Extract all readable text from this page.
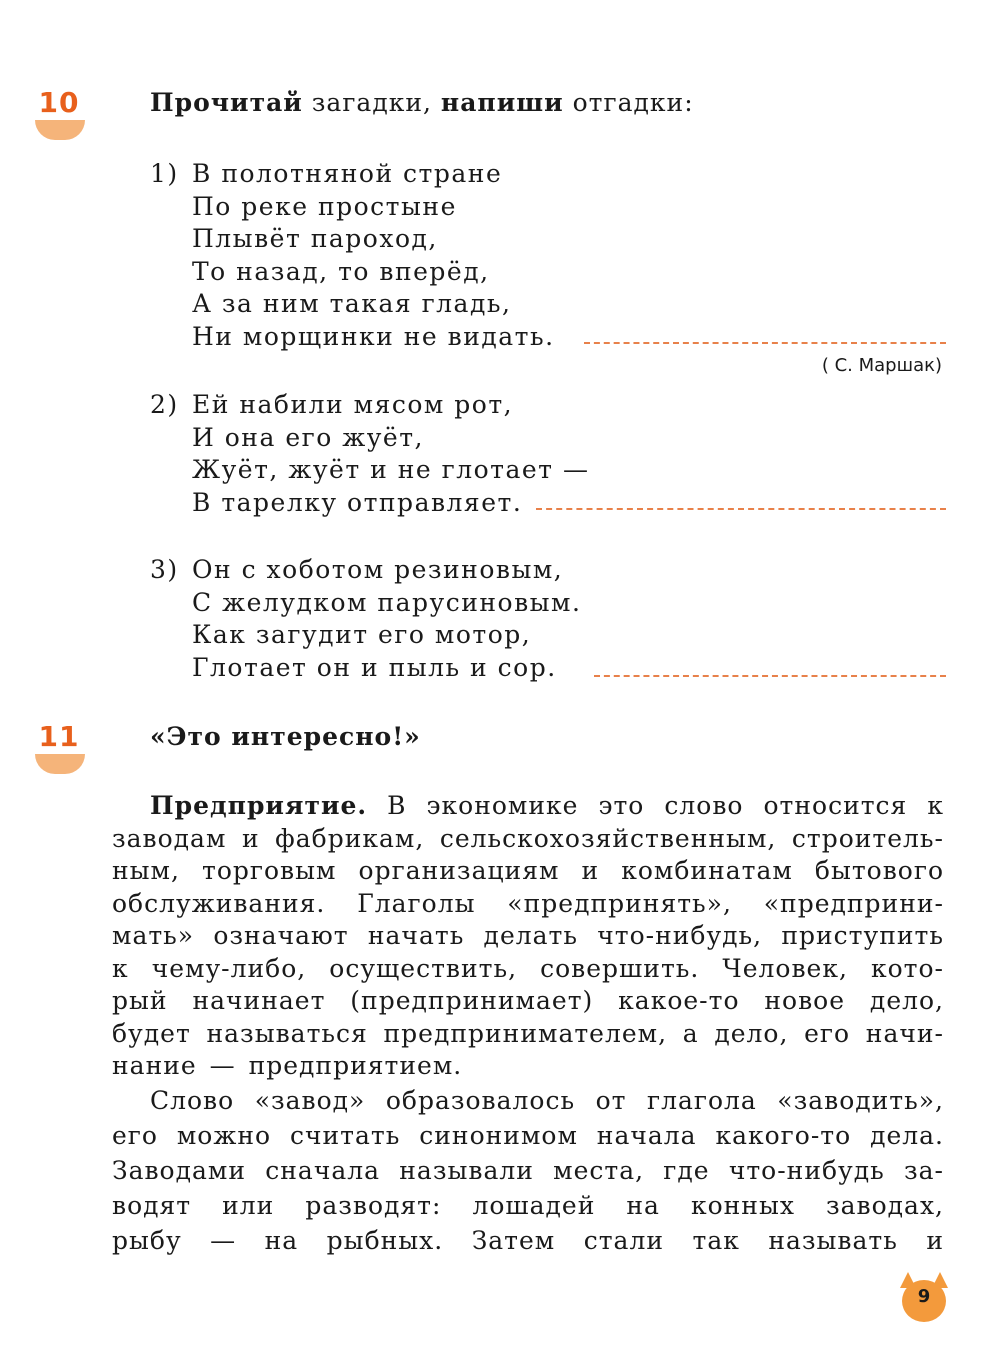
10	Прочитай загадки, напиши отгадки:
1) В полотняной стране
По реке простыне
Плывёт пароход,
То назад, то вперёд,
А за ним такая гладь,
Ни морщинки не видать.
( С. Маршак)
2) Ей набили мясом рот,
И она его жуёт,
Жуёт, жуёт и не глотает —
В тарелку отправляет.
3) Он с хоботом резиновым,
С желудком парусиновым.
Как загудит его мотор,
Глотает он и пыль и сор.
11	«Это интересно!»
Предприятие. В экономике это слово относится к
заводам и фабрикам, сельскохозяйственным, строитель-
ным, торговым организациям и комбинатам бытового
обслуживания. Глаголы «предпринять», «предприни-
мать» означают начать делать что-нибудь, приступить
к чему-либо, осуществить, совершить. Человек, кото-
рый начинает (предпринимает) какое-то новое дело,
будет называться предпринимателем, а дело, его начи-
нание — предприятием.
Слово «завод» образовалось от глагола «заводить»,
его можно считать синонимом начала какого-то дела.
Заводами сначала называли места, где что-нибудь за-
водят или разводят: лошадей на конных заводах,
рыбу — на рыбных. Затем стали так называть и
9
